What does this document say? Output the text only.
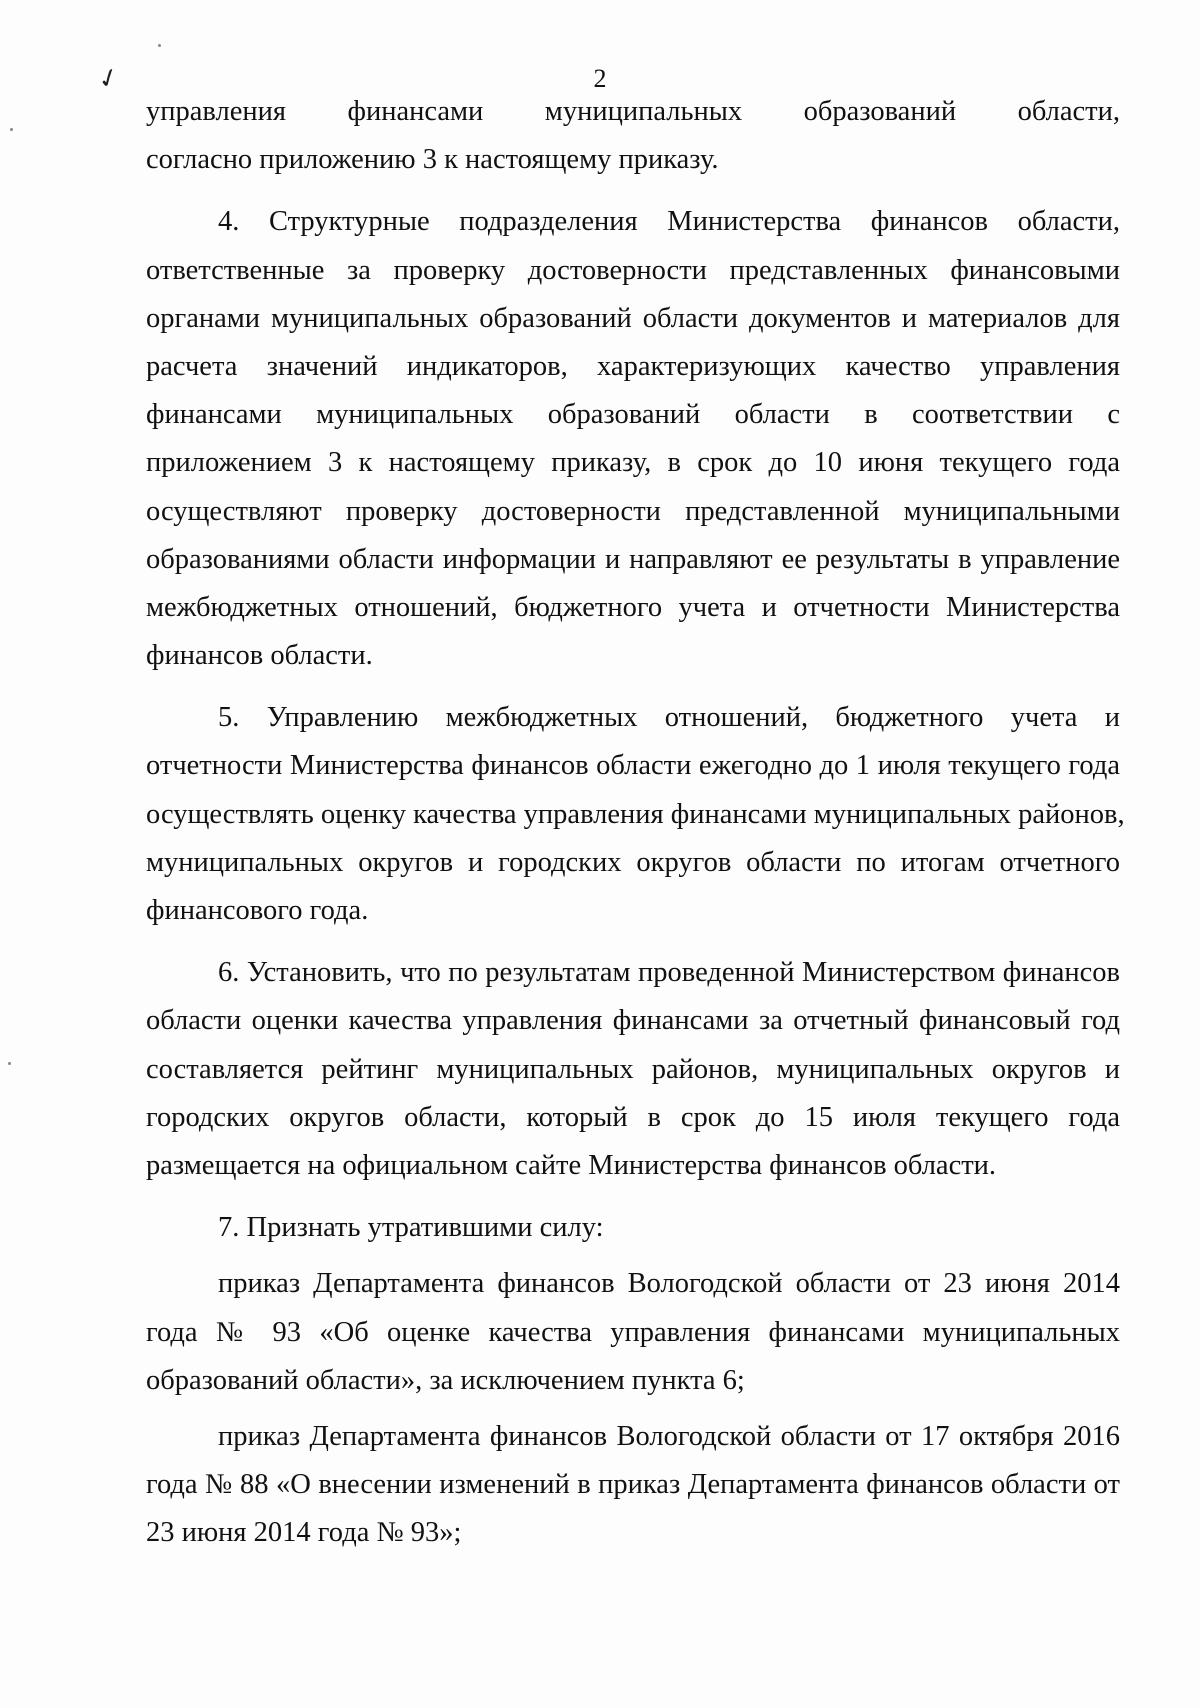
✓	2
управления финансами муниципальных образований области,
согласно приложению 3 к настоящему приказу.
4. Структурные подразделения Министерства финансов области,
ответственные за проверку достоверности представленных финансовыми
органами муниципальных образований области документов и материалов для
расчета значений индикаторов, характеризующих качество управления
финансами муниципальных образований области в соответствии с
приложением 3 к настоящему приказу, в срок до 10 июня текущего года
осуществляют проверку достоверности представленной муниципальными
образованиями области информации и направляют ее результаты в управление
межбюджетных отношений, бюджетного учета и отчетности Министерства
финансов области.
5. Управлению межбюджетных отношений, бюджетного учета и
отчетности Министерства финансов области ежегодно до 1 июля текущего года
осуществлять оценку качества управления финансами муниципальных районов,
муниципальных округов и городских округов области по итогам отчетного
финансового года.
6. Установить, что по результатам проведенной Министерством финансов
области оценки качества управления финансами за отчетный финансовый год
составляется рейтинг муниципальных районов, муниципальных округов и
городских округов области, который в срок до 15 июля текущего года
размещается на официальном сайте Министерства финансов области.
7. Признать утратившими силу:
приказ Департамента финансов Вологодской области от 23 июня 2014
года № 93 «Об оценке качества управления финансами муниципальных
образований области», за исключением пункта 6;
приказ Департамента финансов Вологодской области от 17 октября 2016
года № 88 «О внесении изменений в приказ Департамента финансов области от
23 июня 2014 года № 93»;
